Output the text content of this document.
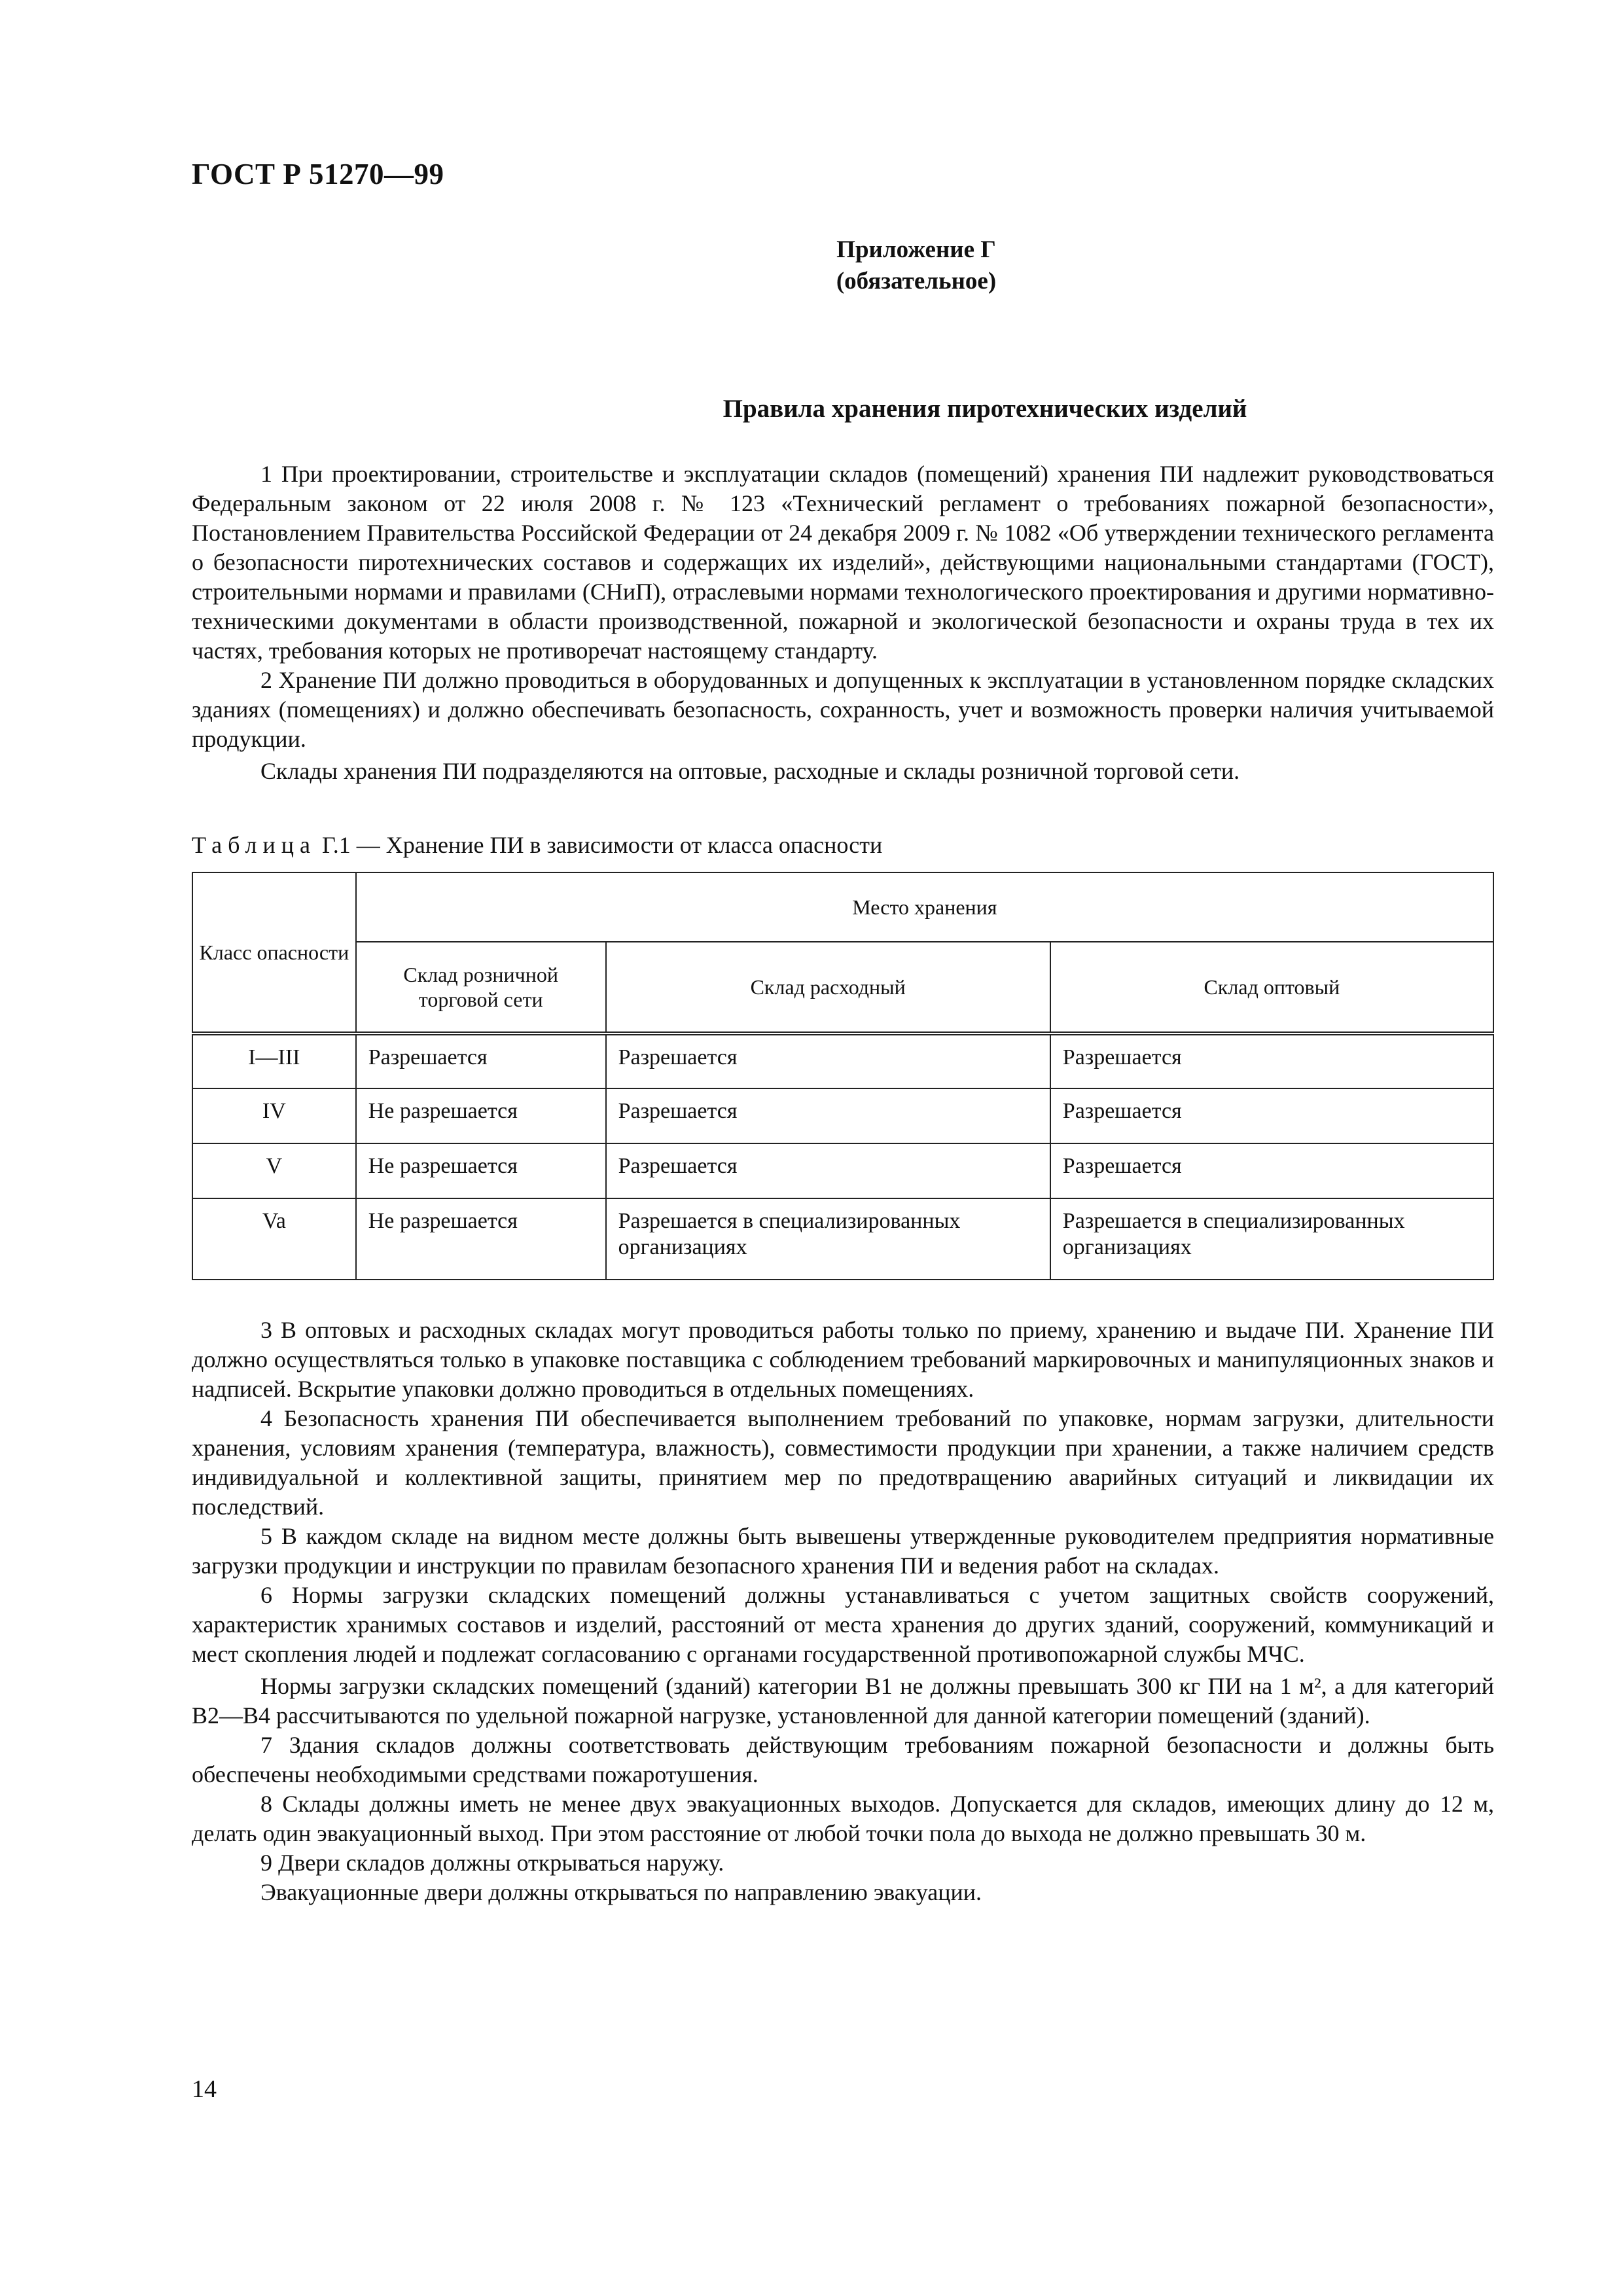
ГОСТ Р 51270—99
Приложение Г
(обязательное)
Правила хранения пиротехнических изделий

1 При проектировании, строительстве и эксплуатации складов (помещений) хранения ПИ надлежит руководствоваться Федеральным законом от 22 июля 2008 г. № 123 «Технический регламент о требованиях пожарной безопасности», Постановлением Правительства Российской Федерации от 24 декабря 2009 г. № 1082 «Об утверждении технического регламента о безопасности пиротехнических составов и содержащих их изделий», действующими национальными стандартами (ГОСТ), строительными нормами и правилами (СНиП), отраслевыми нормами технологического проектирования и другими нормативно-техническими документами в области производственной, пожарной и экологической безопасности и охраны труда в тех их частях, требования которых не противоречат настоящему стандарту.

2 Хранение ПИ должно проводиться в оборудованных и допущенных к эксплуатации в установленном порядке складских зданиях (помещениях) и должно обеспечивать безопасность, сохранность, учет и возможность проверки наличия учитываемой продукции.

Склады хранения ПИ подразделяются на оптовые, расходные и склады розничной торговой сети.

Таблица Г.1 — Хранение ПИ в зависимости от класса опасности
Класс опасности	Место хранения		
	Склад розничной торговой сети	Склад расходный	Склад оптовый
I—III	Разрешается	Разрешается	Разрешается
IV	Не разрешается	Разрешается	Разрешается
V	Не разрешается	Разрешается	Разрешается
Va	Не разрешается	Разрешается в специализированных организациях	Разрешается в специализированных организациях

3 В оптовых и расходных складах могут проводиться работы только по приему, хранению и выдаче ПИ. Хранение ПИ должно осуществляться только в упаковке поставщика с соблюдением требований маркировочных и манипуляционных знаков и надписей. Вскрытие упаковки должно проводиться в отдельных помещениях.

4 Безопасность хранения ПИ обеспечивается выполнением требований по упаковке, нормам загрузки, длительности хранения, условиям хранения (температура, влажность), совместимости продукции при хранении, а также наличием средств индивидуальной и коллективной защиты, принятием мер по предотвращению аварийных ситуаций и ликвидации их последствий.

5 В каждом складе на видном месте должны быть вывешены утвержденные руководителем предприятия нормативные загрузки продукции и инструкции по правилам безопасного хранения ПИ и ведения работ на складах.

6 Нормы загрузки складских помещений должны устанавливаться с учетом защитных свойств сооружений, характеристик хранимых составов и изделий, расстояний от места хранения до других зданий, сооружений, коммуникаций и мест скопления людей и подлежат согласованию с органами государственной противопожарной службы МЧС.

Нормы загрузки складских помещений (зданий) категории В1 не должны превышать 300 кг ПИ на 1 м², а для категорий В2—В4 рассчитываются по удельной пожарной нагрузке, установленной для данной категории помещений (зданий).

7 Здания складов должны соответствовать действующим требованиям пожарной безопасности и должны быть обеспечены необходимыми средствами пожаротушения.

8 Склады должны иметь не менее двух эвакуационных выходов. Допускается для складов, имеющих длину до 12 м, делать один эвакуационный выход. При этом расстояние от любой точки пола до выхода не должно превышать 30 м.

9 Двери складов должны открываться наружу.

Эвакуационные двери должны открываться по направлению эвакуации.

14
